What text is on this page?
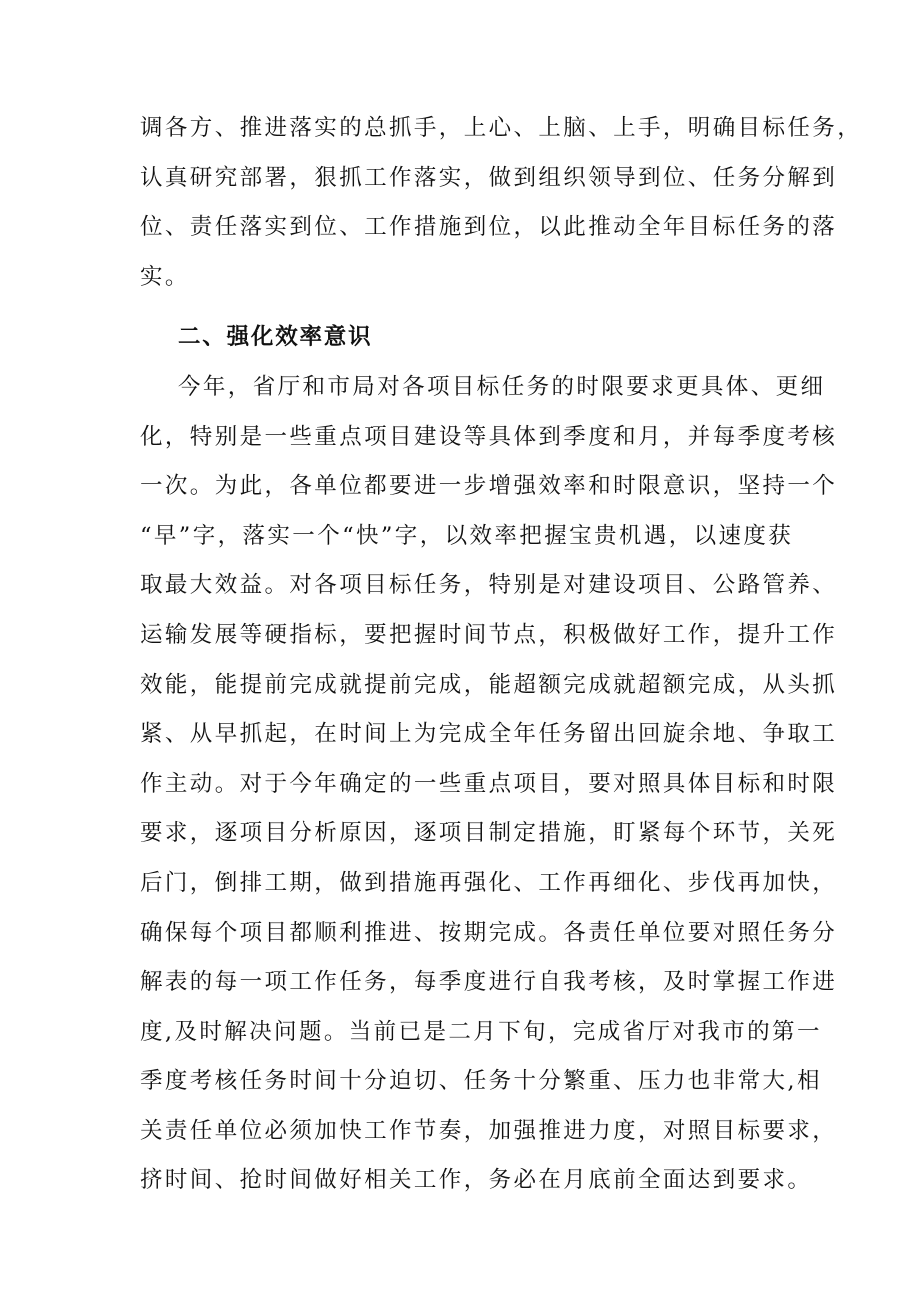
调各方、推进落实的总抓手，上心、上脑、上手，明确目标任务，
认真研究部署，狠抓工作落实，做到组织领导到位、任务分解到
位、责任落实到位、工作措施到位，以此推动全年目标任务的落
实。
二、强化效率意识
今年，省厅和市局对各项目标任务的时限要求更具体、更细
化，特别是一些重点项目建设等具体到季度和月，并每季度考核
一次。为此，各单位都要进一步增强效率和时限意识，坚持一个
“早”字，落实一个“快”字，以效率把握宝贵机遇，以速度获
取最大效益。对各项目标任务，特别是对建设项目、公路管养、
运输发展等硬指标，要把握时间节点，积极做好工作，提升工作
效能，能提前完成就提前完成，能超额完成就超额完成，从头抓
紧、从早抓起，在时间上为完成全年任务留出回旋余地、争取工
作主动。对于今年确定的一些重点项目，要对照具体目标和时限
要求，逐项目分析原因，逐项目制定措施，盯紧每个环节，关死
后门，倒排工期，做到措施再强化、工作再细化、步伐再加快，
确保每个项目都顺利推进、按期完成。各责任单位要对照任务分
解表的每一项工作任务，每季度进行自我考核，及时掌握工作进
度,及时解决问题。当前已是二月下旬，完成省厅对我市的第一
季度考核任务时间十分迫切、任务十分繁重、压力也非常大,相
关责任单位必须加快工作节奏，加强推进力度，对照目标要求，
挤时间、抢时间做好相关工作，务必在月底前全面达到要求。
